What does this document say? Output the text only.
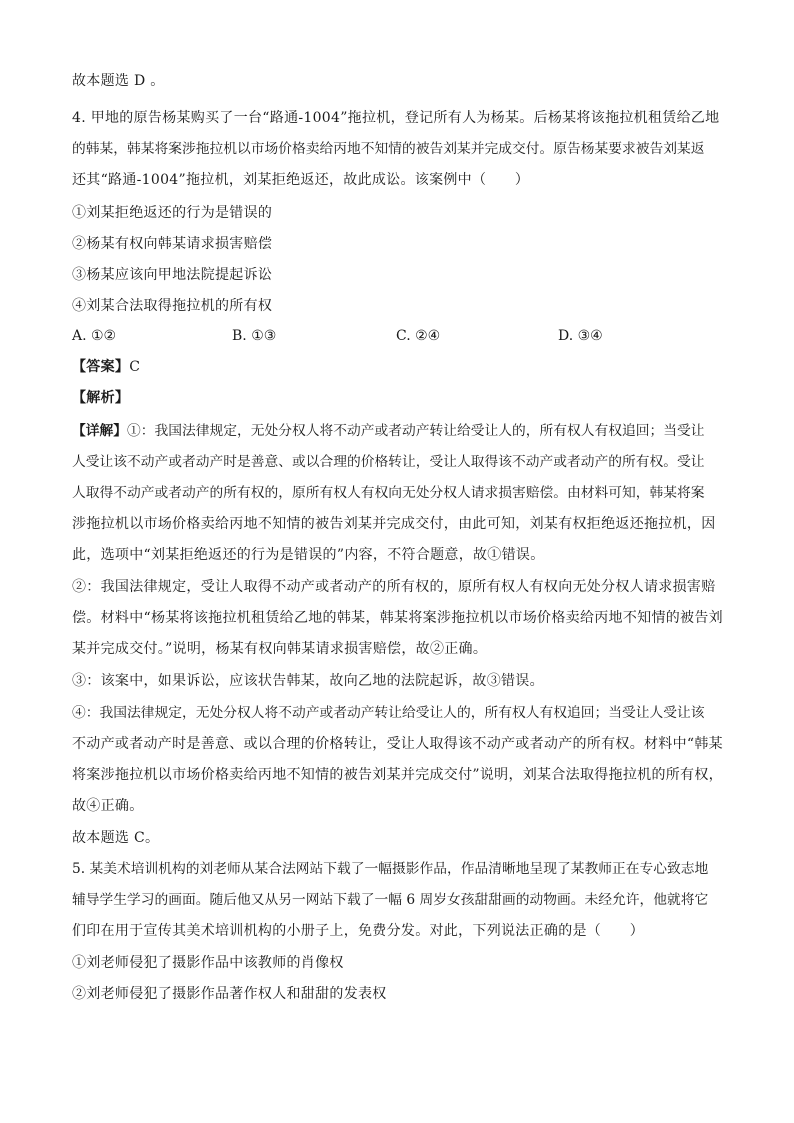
故本题选 D 。
4. 甲地的原告杨某购买了一台“路通-1004”拖拉机，登记所有人为杨某。后杨某将该拖拉机租赁给乙地
的韩某，韩某将案涉拖拉机以市场价格卖给丙地不知情的被告刘某并完成交付。原告杨某要求被告刘某返
还其“路通-1004”拖拉机，刘某拒绝返还，故此成讼。该案例中（　　）
①刘某拒绝返还的行为是错误的
②杨某有权向韩某请求损害赔偿
③杨某应该向甲地法院提起诉讼
④刘某合法取得拖拉机的所有权
A. ①②	B. ①③	C. ②④	D. ③④
【答案】C
【解析】
【详解】①：我国法律规定，无处分权人将不动产或者动产转让给受让人的，所有权人有权追回；当受让
人受让该不动产或者动产时是善意、或以合理的价格转让，受让人取得该不动产或者动产的所有权。受让
人取得不动产或者动产的所有权的，原所有权人有权向无处分权人请求损害赔偿。由材料可知，韩某将案
涉拖拉机以市场价格卖给丙地不知情的被告刘某并完成交付，由此可知，刘某有权拒绝返还拖拉机，因
此，选项中“刘某拒绝返还的行为是错误的”内容，不符合题意，故①错误。
②：我国法律规定，受让人取得不动产或者动产的所有权的，原所有权人有权向无处分权人请求损害赔
偿。材料中“杨某将该拖拉机租赁给乙地的韩某，韩某将案涉拖拉机以市场价格卖给丙地不知情的被告刘
某并完成交付。”说明，杨某有权向韩某请求损害赔偿，故②正确。
③：该案中，如果诉讼，应该状告韩某，故向乙地的法院起诉，故③错误。
④：我国法律规定，无处分权人将不动产或者动产转让给受让人的，所有权人有权追回；当受让人受让该
不动产或者动产时是善意、或以合理的价格转让，受让人取得该不动产或者动产的所有权。材料中“韩某
将案涉拖拉机以市场价格卖给丙地不知情的被告刘某并完成交付”说明，刘某合法取得拖拉机的所有权，
故④正确。
故本题选 C。
5. 某美术培训机构的刘老师从某合法网站下载了一幅摄影作品，作品清晰地呈现了某教师正在专心致志地
辅导学生学习的画面。随后他又从另一网站下载了一幅 6 周岁女孩甜甜画的动物画。未经允许，他就将它
们印在用于宣传其美术培训机构的小册子上，免费分发。对此，下列说法正确的是（　　）
①刘老师侵犯了摄影作品中该教师的肖像权
②刘老师侵犯了摄影作品著作权人和甜甜的发表权
